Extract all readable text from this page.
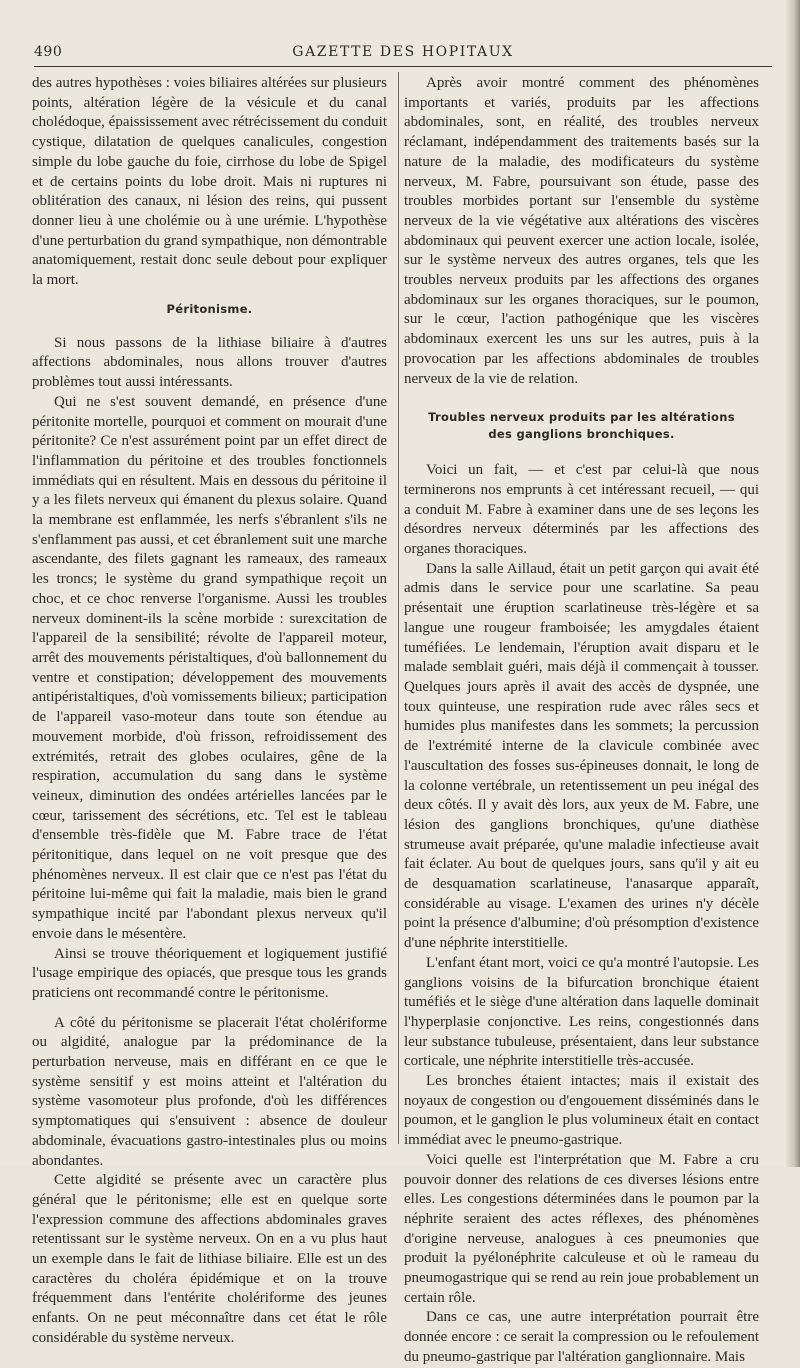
490	GAZETTE DES HOPITAUX

des autres hypothèses : voies biliaires altérées sur plusieurs points, altération légère de la vésicule et du canal cholédoque, épaississement avec rétrécissement du conduit cystique, dilatation de quelques canalicules, congestion simple du lobe gauche du foie, cirrhose du lobe de Spigel et de certains points du lobe droit. Mais ni ruptures ni oblitération des canaux, ni lésion des reins, qui pussent donner lieu à une cholémie ou à une urémie. L'hypothèse d'une perturbation du grand sympathique, non démontrable anatomiquement, restait donc seule debout pour expliquer la mort.

Péritonisme.

Si nous passons de la lithiase biliaire à d'autres affections abdominales, nous allons trouver d'autres problèmes tout aussi intéressants.

Qui ne s'est souvent demandé, en présence d'une péritonite mortelle, pourquoi et comment on mourait d'une péritonite? Ce n'est assurément point par un effet direct de l'inflammation du péritoine et des troubles fonctionnels immédiats qui en résultent. Mais en dessous du péritoine il y a les filets nerveux qui émanent du plexus solaire. Quand la membrane est enflammée, les nerfs s'ébranlent s'ils ne s'enflamment pas aussi, et cet ébranlement suit une marche ascendante, des filets gagnant les rameaux, des rameaux les troncs; le système du grand sympathique reçoit un choc, et ce choc renverse l'organisme. Aussi les troubles nerveux dominent-ils la scène morbide : surexcitation de l'appareil de la sensibilité; révolte de l'appareil moteur, arrêt des mouvements péristaltiques, d'où ballonnement du ventre et constipation; développement des mouvements antipéristaltiques, d'où vomissements bilieux; participation de l'appareil vaso-moteur dans toute son étendue au mouvement morbide, d'où frisson, refroidissement des extrémités, retrait des globes oculaires, gêne de la respiration, accumulation du sang dans le système veineux, diminution des ondées artérielles lancées par le cœur, tarissement des sécrétions, etc. Tel est le tableau d'ensemble très-fidèle que M. Fabre trace de l'état péritonitique, dans lequel on ne voit presque que des phénomènes nerveux. Il est clair que ce n'est pas l'état du péritoine lui-même qui fait la maladie, mais bien le grand sympathique incité par l'abondant plexus nerveux qu'il envoie dans le mésentère.

Ainsi se trouve théoriquement et logiquement justifié l'usage empirique des opiacés, que presque tous les grands praticiens ont recommandé contre le péritonisme.

A côté du péritonisme se placerait l'état cholériforme ou algidité, analogue par la prédominance de la perturbation nerveuse, mais en différant en ce que le système sensitif y est moins atteint et l'altération du système vasomoteur plus profonde, d'où les différences symptomatiques qui s'ensuivent : absence de douleur abdominale, évacuations gastro-intestinales plus ou moins abondantes.

Cette algidité se présente avec un caractère plus général que le péritonisme; elle est en quelque sorte l'expression commune des affections abdominales graves retentissant sur le système nerveux. On en a vu plus haut un exemple dans le fait de lithiase biliaire. Elle est un des caractères du choléra épidémique et on la trouve fréquemment dans l'entérite cholériforme des jeunes enfants. On ne peut méconnaître dans cet état le rôle considérable du système nerveux.

Après avoir montré comment des phénomènes importants et variés, produits par les affections abdominales, sont, en réalité, des troubles nerveux réclamant, indépendamment des traitements basés sur la nature de la maladie, des modificateurs du système nerveux, M. Fabre, poursuivant son étude, passe des troubles morbides portant sur l'ensemble du système nerveux de la vie végétative aux altérations des viscères abdominaux qui peuvent exercer une action locale, isolée, sur le système nerveux des autres organes, tels que les troubles nerveux produits par les affections des organes abdominaux sur les organes thoraciques, sur le poumon, sur le cœur, l'action pathogénique que les viscères abdominaux exercent les uns sur les autres, puis à la provocation par les affections abdominales de troubles nerveux de la vie de relation.

Troubles nerveux produits par les altérations des ganglions bronchiques.

Voici un fait, — et c'est par celui-là que nous terminerons nos emprunts à cet intéressant recueil, — qui a conduit M. Fabre à examiner dans une de ses leçons les désordres nerveux déterminés par les affections des organes thoraciques.

Dans la salle Aillaud, était un petit garçon qui avait été admis dans le service pour une scarlatine. Sa peau présentait une éruption scarlatineuse très-légère et sa langue une rougeur framboisée; les amygdales étaient tuméfiées. Le lendemain, l'éruption avait disparu et le malade semblait guéri, mais déjà il commençait à tousser. Quelques jours après il avait des accès de dyspnée, une toux quinteuse, une respiration rude avec râles secs et humides plus manifestes dans les sommets; la percussion de l'extrémité interne de la clavicule combinée avec l'auscultation des fosses sus-épineuses donnait, le long de la colonne vertébrale, un retentissement un peu inégal des deux côtés. Il y avait dès lors, aux yeux de M. Fabre, une lésion des ganglions bronchiques, qu'une diathèse strumeuse avait préparée, qu'une maladie infectieuse avait fait éclater. Au bout de quelques jours, sans qu'il y ait eu de desquamation scarlatineuse, l'anasarque apparaît, considérable au visage. L'examen des urines n'y décèle point la présence d'albumine; d'où présomption d'existence d'une néphrite interstitielle.

L'enfant étant mort, voici ce qu'a montré l'autopsie. Les ganglions voisins de la bifurcation bronchique étaient tuméfiés et le siège d'une altération dans laquelle dominait l'hyperplasie conjonctive. Les reins, congestionnés dans leur substance tubuleuse, présentaient, dans leur substance corticale, une néphrite interstitielle très-accusée.

Les bronches étaient intactes; mais il existait des noyaux de congestion ou d'engouement disséminés dans le poumon, et le ganglion le plus volumineux était en contact immédiat avec le pneumo-gastrique.

Voici quelle est l'interprétation que M. Fabre a cru pouvoir donner des relations de ces diverses lésions entre elles. Les congestions déterminées dans le poumon par la néphrite seraient des actes réflexes, des phénomènes d'origine nerveuse, analogues à ces pneumonies que produit la pyélonéphrite calculeuse et où le rameau du pneumogastrique qui se rend au rein joue probablement un certain rôle.

Dans ce cas, une autre interprétation pourrait être donnée encore : ce serait la compression ou le refoulement du pneumo-gastrique par l'altération ganglionnaire. Mais
